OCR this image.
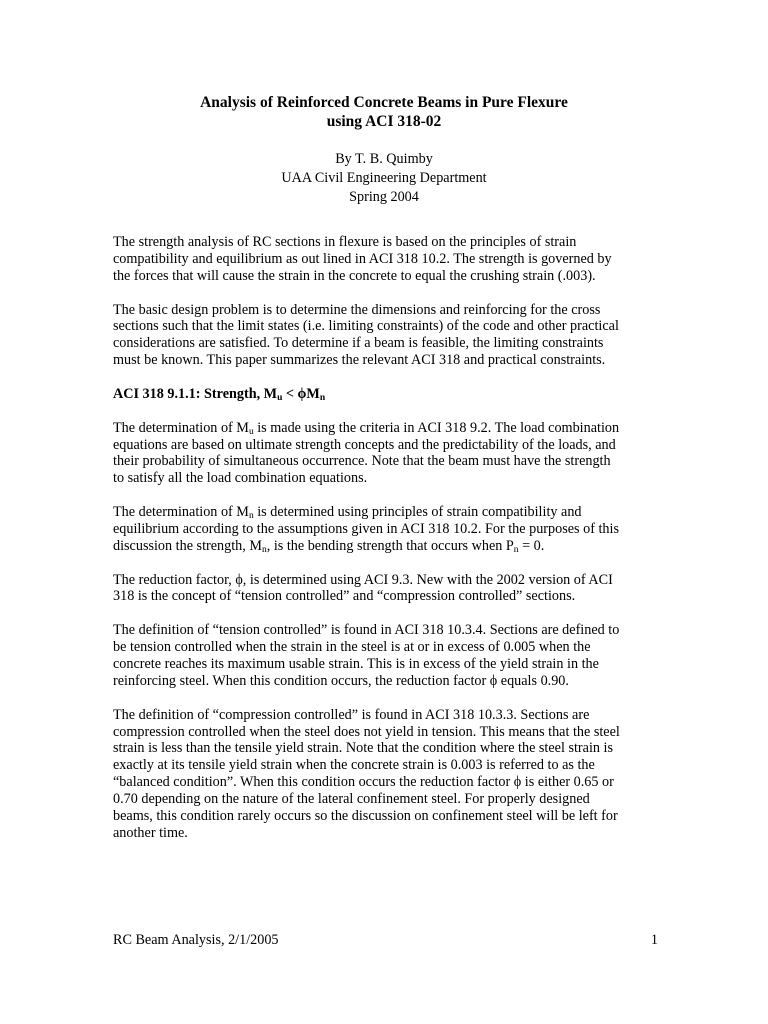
Analysis of Reinforced Concrete Beams in Pure Flexure
using ACI 318-02
By T. B. Quimby
UAA Civil Engineering Department
Spring 2004

The strength analysis of RC sections in flexure is based on the principles of strain
compatibility and equilibrium as out lined in ACI 318 10.2. The strength is governed by
the forces that will cause the strain in the concrete to equal the crushing strain (.003).

The basic design problem is to determine the dimensions and reinforcing for the cross
sections such that the limit states (i.e. limiting constraints) of the code and other practical
considerations are satisfied. To determine if a beam is feasible, the limiting constraints
must be known. This paper summarizes the relevant ACI 318 and practical constraints.

ACI 318 9.1.1: Strength, $M_u < \phi M_n$

The determination of $M_u$ is made using the criteria in ACI 318 9.2. The load combination
equations are based on ultimate strength concepts and the predictability of the loads, and
their probability of simultaneous occurrence. Note that the beam must have the strength
to satisfy all the load combination equations.

The determination of $M_n$ is determined using principles of strain compatibility and
equilibrium according to the assumptions given in ACI 318 10.2. For the purposes of this
discussion the strength, $M_n$, is the bending strength that occurs when $P_n = 0$.

The reduction factor, ϕ, is determined using ACI 9.3. New with the 2002 version of ACI
318 is the concept of “tension controlled” and “compression controlled” sections.

The definition of “tension controlled” is found in ACI 318 10.3.4. Sections are defined to
be tension controlled when the strain in the steel is at or in excess of 0.005 when the
concrete reaches its maximum usable strain. This is in excess of the yield strain in the
reinforcing steel. When this condition occurs, the reduction factor ϕ equals 0.90.

The definition of “compression controlled” is found in ACI 318 10.3.3. Sections are
compression controlled when the steel does not yield in tension. This means that the steel
strain is less than the tensile yield strain. Note that the condition where the steel strain is
exactly at its tensile yield strain when the concrete strain is 0.003 is referred to as the
“balanced condition”. When this condition occurs the reduction factor ϕ is either 0.65 or
0.70 depending on the nature of the lateral confinement steel. For properly designed
beams, this condition rarely occurs so the discussion on confinement steel will be left for
another time.

RC Beam Analysis, 2/1/2005	1
